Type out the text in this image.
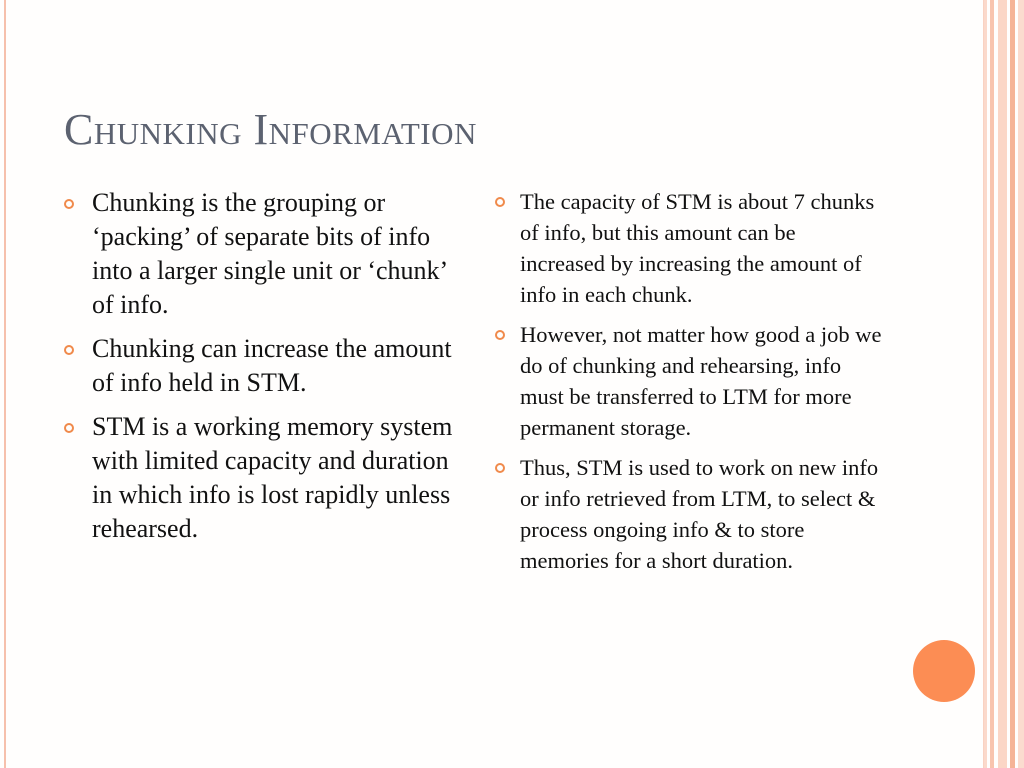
Chunking Information
Chunking is the grouping or ‘packing’ of separate bits of info into a larger single unit or ‘chunk’ of info.
Chunking can increase the amount of info held in STM.
STM is a working memory system with limited capacity and duration in which info is lost rapidly unless rehearsed.
The capacity of STM is about 7 chunks of info, but this amount can be increased by increasing the amount of info in each chunk.
However, not matter how good a job we do of chunking and rehearsing, info must be transferred to LTM for more permanent storage.
Thus, STM is used to work on new info or info retrieved from LTM, to select & process ongoing info & to store memories for a short duration.
